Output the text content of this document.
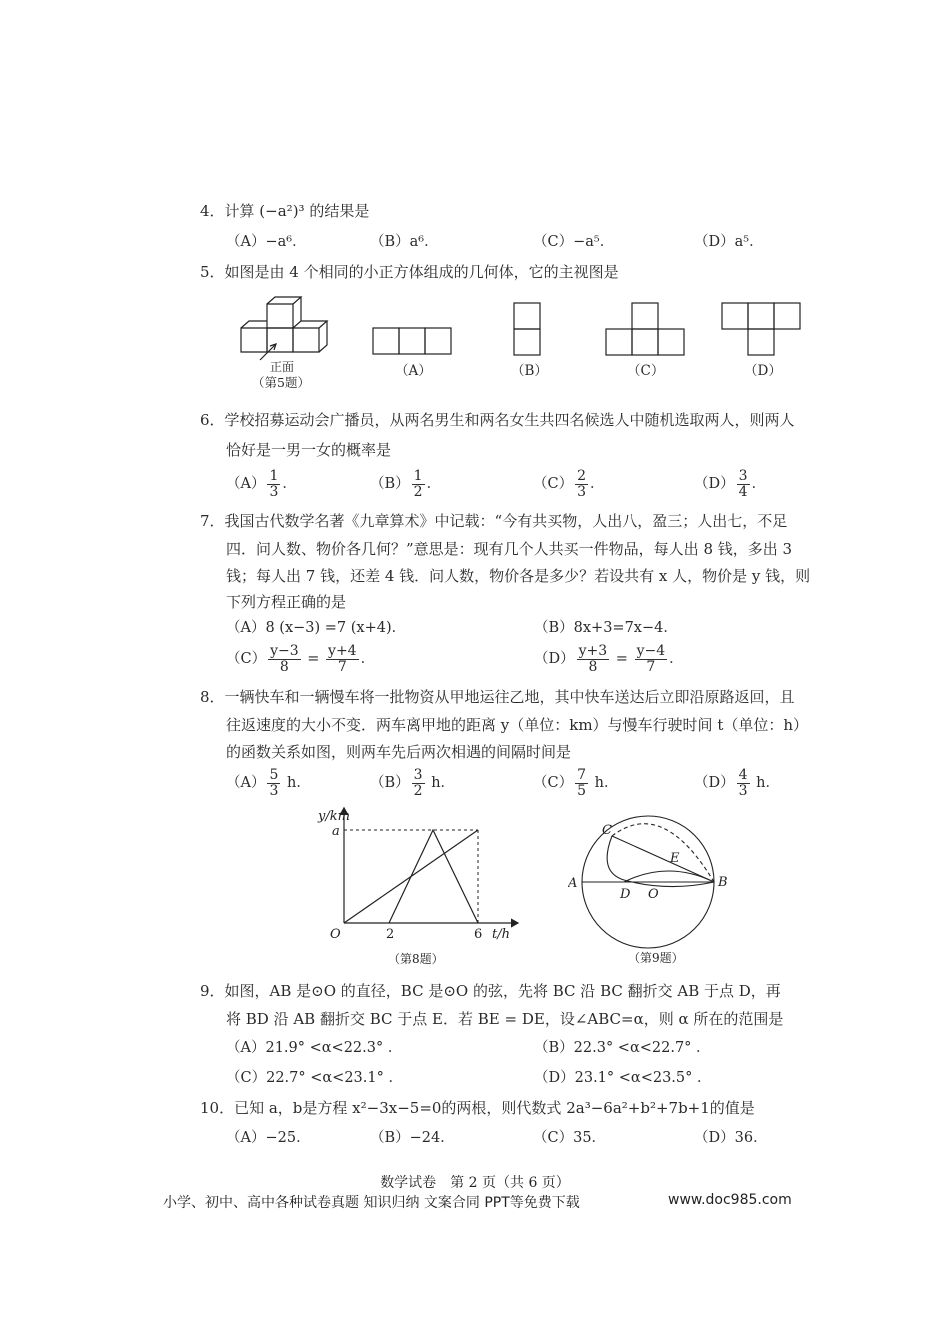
4．计算 (−a²)³ 的结果是
（A）−a⁶．	（B）a⁶．	（C）−a⁵．	（D）a⁵．
5．如图是由 4 个相同的小正方体组成的几何体，它的主视图是
正面
（第5题）
（A）	（B）	（C）	（D）
6．学校招募运动会广播员，从两名男生和两名女生共四名候选人中随机选取两人，则两人
恰好是一男一女的概率是
$(A) \frac{1}{3}$ ．	$(B) \frac{1}{2}$ ．	$(C) \frac{2}{3}$ ．	$(D) \frac{3}{4}$ ．
7．我国古代数学名著《九章算术》中记载：“今有共买物，人出八，盈三；人出七，不足
四．问人数、物价各几何？”意思是：现有几个人共买一件物品，每人出 8 钱，多出 3
钱；每人出 7 钱，还差 4 钱．问人数，物价各是多少？若设共有 x 人，物价是 y 钱，则
下列方程正确的是
（A）8 (x−3) =7 (x+4)．	（B）8x+3=7x−4．
$(C) \frac{y-3}{8} = \frac{y+4}{7}$ ．	$(D) \frac{y+3}{8} = \frac{y-4}{7}$ ．
8．一辆快车和一辆慢车将一批物资从甲地运往乙地，其中快车送达后立即沿原路返回，且
往返速度的大小不变．两车离甲地的距离 y（单位：km）与慢车行驶时间 t（单位：h）
的函数关系如图，则两车先后两次相遇的间隔时间是
$(A) \frac{5}{3}$ h．	$(B) \frac{3}{2}$ h．	$(C) \frac{7}{5}$ h．	$(D) \frac{4}{3}$ h．
y/km
a
O	2	6 t/h
（第8题）
C
E
A
D O
B
（第9题）
9．如图，AB 是⊙O 的直径，BC 是⊙O 的弦，先将 BC 沿 BC 翻折交 AB 于点 D，再
将 BD 沿 AB 翻折交 BC 于点 E．若 BE = DE，设∠ABC=α，则 α 所在的范围是
（A）21.9° <α<22.3° ．	（B）22.3° <α<22.7° ．
（C）22.7° <α<23.1° ．	（D）23.1° <α<23.5° ．
10．已知 a，b是方程 x²−3x−5=0的两根，则代数式 2a³−6a²+b²+7b+1的值是
（A）−25．	（B）−24．	（C）35．	（D）36．
数学试卷　第 2 页（共 6 页）
小学、初中、高中各种试卷真题 知识归纳 文案合同 PPT等免费下载	www.doc985.com
